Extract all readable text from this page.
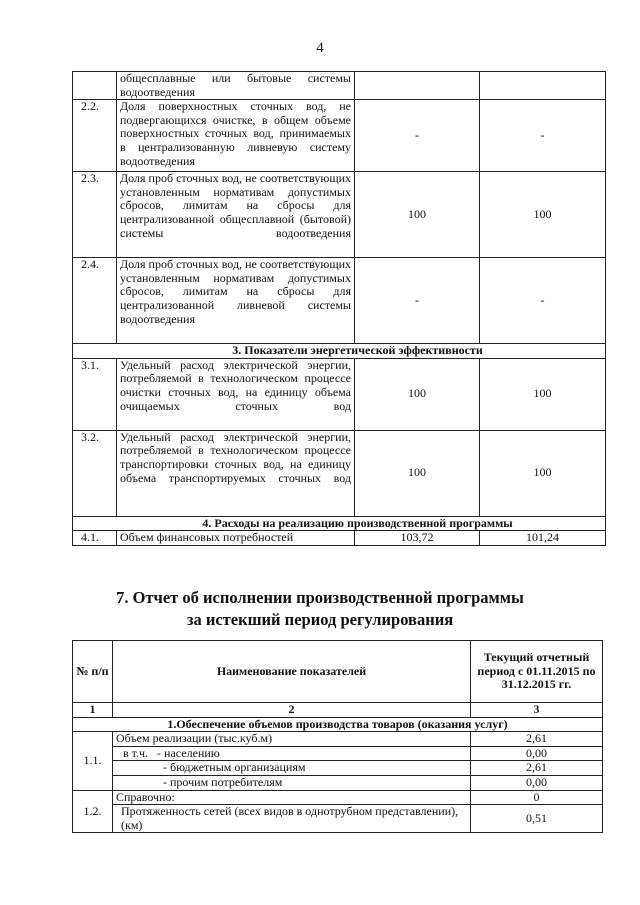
4
	общесплавные или бытовые системы водоотведения		
2.2.	Доля поверхностных сточных вод, не подвергающихся очистке, в общем объеме поверхностных сточных вод, принимаемых в централизованную ливневую систему водоотведения	-	-
2.3.	Доля проб сточных вод, не соответствующих установленным нормативам допустимых сбросов, лимитам на сбросы для централизованной общесплавной (бытовой) системы водоотведения	100	100
2.4.	Доля проб сточных вод, не соответствующих установленным нормативам допустимых сбросов, лимитам на сбросы для централизованной ливневой системы водоотведения	-	-
3. Показатели энергетической эффективности			
3.1.	Удельный расход электрической энергии, потребляемой в технологическом процессе очистки сточных вод, на единицу объема очищаемых сточных вод	100	100
3.2.	Удельный расход электрической энергии, потребляемой в технологическом процессе транспортировки сточных вод, на единицу объема транспортируемых сточных вод	100	100
4. Расходы на реализацию производственной программы			
4.1.	Объем финансовых потребностей	103,72	101,24
7. Отчет об исполнении производственной программы
за истекший период регулирования
№ п/п	Наименование показателей	Текущий отчетный период с 01.11.2015 по 31.12.2015 гг.
1	2	3
1.Обеспечение объемов производства товаров (оказания услуг)		
1.1.	Объем реализации (тыс.куб.м)	2,61
	в т.ч.   - населению	0,00
	- бюджетным организациям	2,61
	- прочим потребителям	0,00
1.2.	Справочно:	0
	Протяженность сетей (всех видов в однотрубном представлении), (км)	0,51
